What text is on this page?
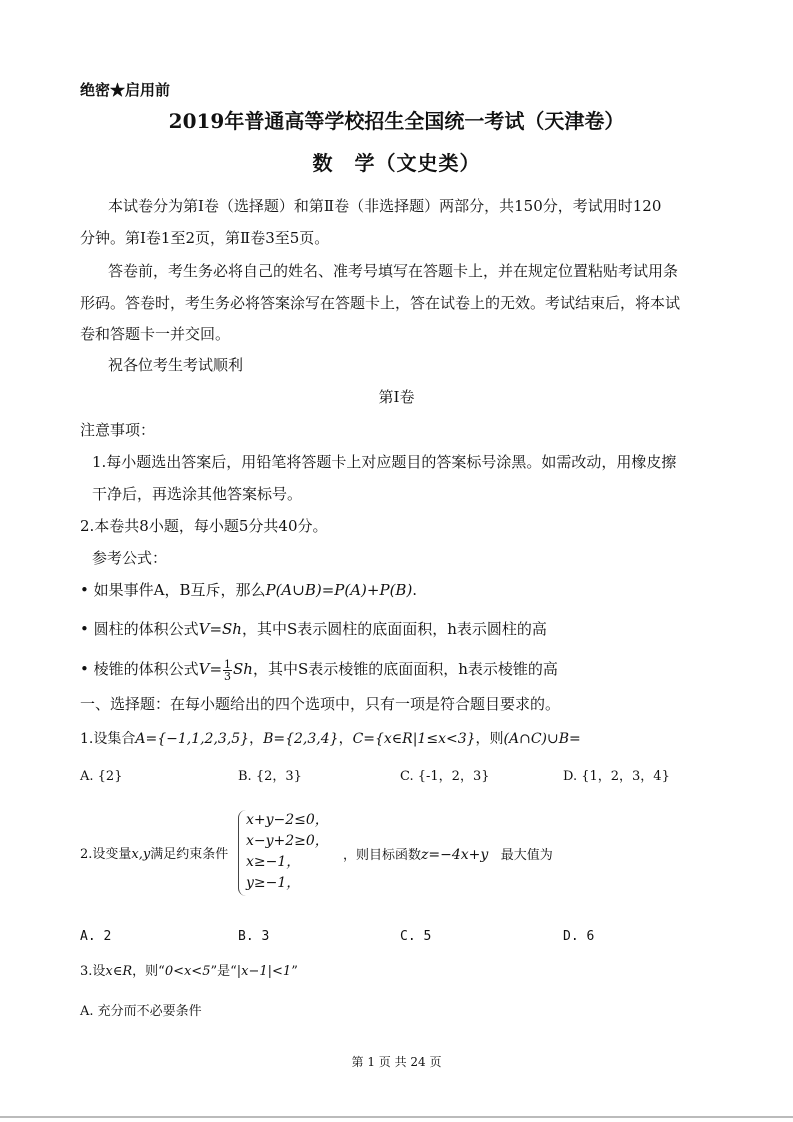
绝密★启用前
2019年普通高等学校招生全国统一考试（天津卷）
数　学（文史类）
本试卷分为第Ⅰ卷（选择题）和第Ⅱ卷（非选择题）两部分，共150分，考试用时120
分钟。第Ⅰ卷1至2页，第Ⅱ卷3至5页。
答卷前，考生务必将自己的姓名、准考号填写在答题卡上，并在规定位置粘贴考试用条
形码。答卷时，考生务必将答案涂写在答题卡上，答在试卷上的无效。考试结束后，将本试
卷和答题卡一并交回。
祝各位考生考试顺利
第Ⅰ卷
注意事项：
1.每小题选出答案后，用铅笔将答题卡上对应题目的答案标号涂黑。如需改动，用橡皮擦
干净后，再选涂其他答案标号。
2.本卷共8小题，每小题5分共40分。
参考公式：
• 如果事件A，B互斥，那么P(A∪B)=P(A)+P(B).
• 圆柱的体积公式V=Sh，其中S表示圆柱的底面面积，h表示圆柱的高
• 棱锥的体积公式$V= \frac{1}{3}$ Sh，其中S表示棱锥的底面面积，h表示棱锥的高
一、选择题：在每小题给出的四个选项中，只有一项是符合题目要求的。
1.设集合A={−1,1,2,3,5}，B={2,3,4}，C={x∈R|1≤x<3}，则(A∩C)∪B=
A. {2}	B. {2，3}	C. {-1，2，3}	D. {1，2，3，4}
2.设变量x,y满足约束条件
x+y−2≤0，
x−y+2≥0，
x≥−1，
y≥−1，
，则目标函数z=−4x+y 最大值为
A. 2	B. 3	C. 5	D. 6
3.设x∈R，则“0<x<5”是“|x−1|<1”
A. 充分而不必要条件
第 1 页 共 24 页
